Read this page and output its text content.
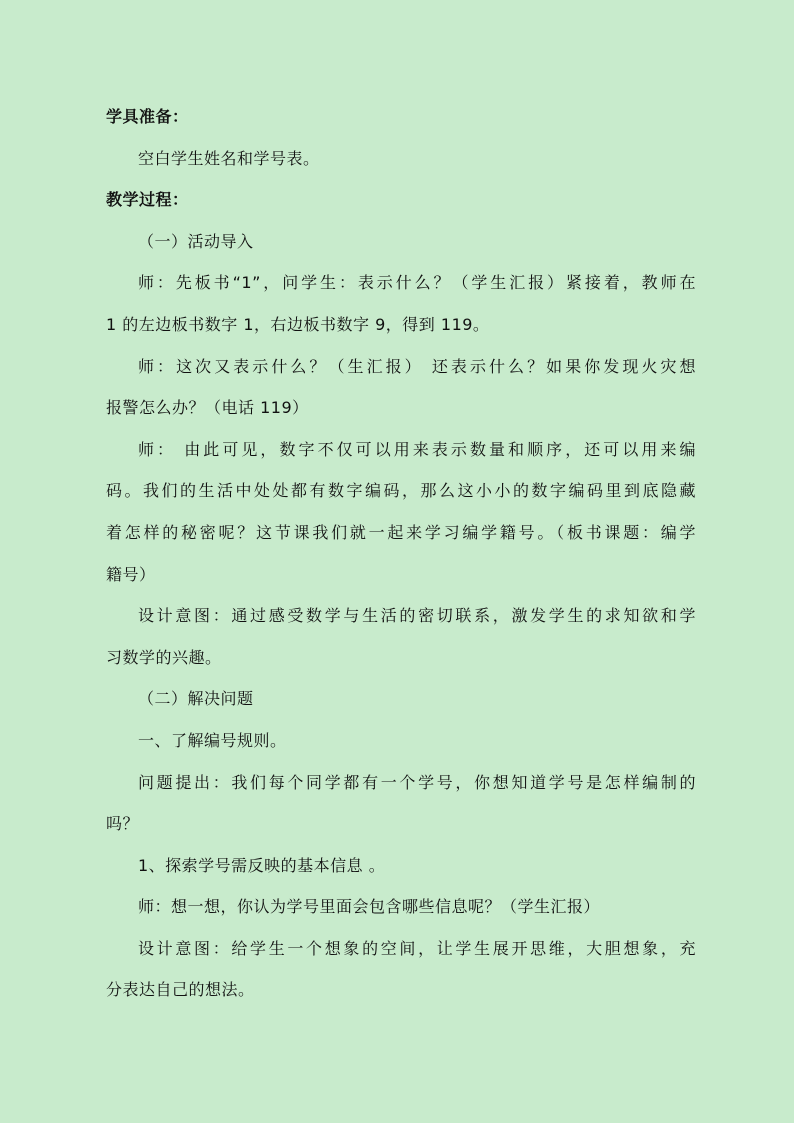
学具准备：
空白学生姓名和学号表。
教学过程：
（一）活动导入
师：先板书“1”，问学生：表示什么？（学生汇报）紧接着，教师在
1 的左边板书数字 1，右边板书数字 9，得到 119。
师：这次又表示什么？（生汇报） 还表示什么？如果你发现火灾想
报警怎么办？（电话 119）
师： 由此可见，数字不仅可以用来表示数量和顺序，还可以用来编
码。我们的生活中处处都有数字编码，那么这小小的数字编码里到底隐藏
着怎样的秘密呢？这节课我们就一起来学习编学籍号。（板书课题：编学
籍号）
设计意图：通过感受数学与生活的密切联系，激发学生的求知欲和学
习数学的兴趣。
（二）解决问题
一、了解编号规则。
问题提出：我们每个同学都有一个学号，你想知道学号是怎样编制的
吗？
1、探索学号需反映的基本信息 。
师：想一想，你认为学号里面会包含哪些信息呢？（学生汇报）
设计意图：给学生一个想象的空间，让学生展开思维，大胆想象，充
分表达自己的想法。
